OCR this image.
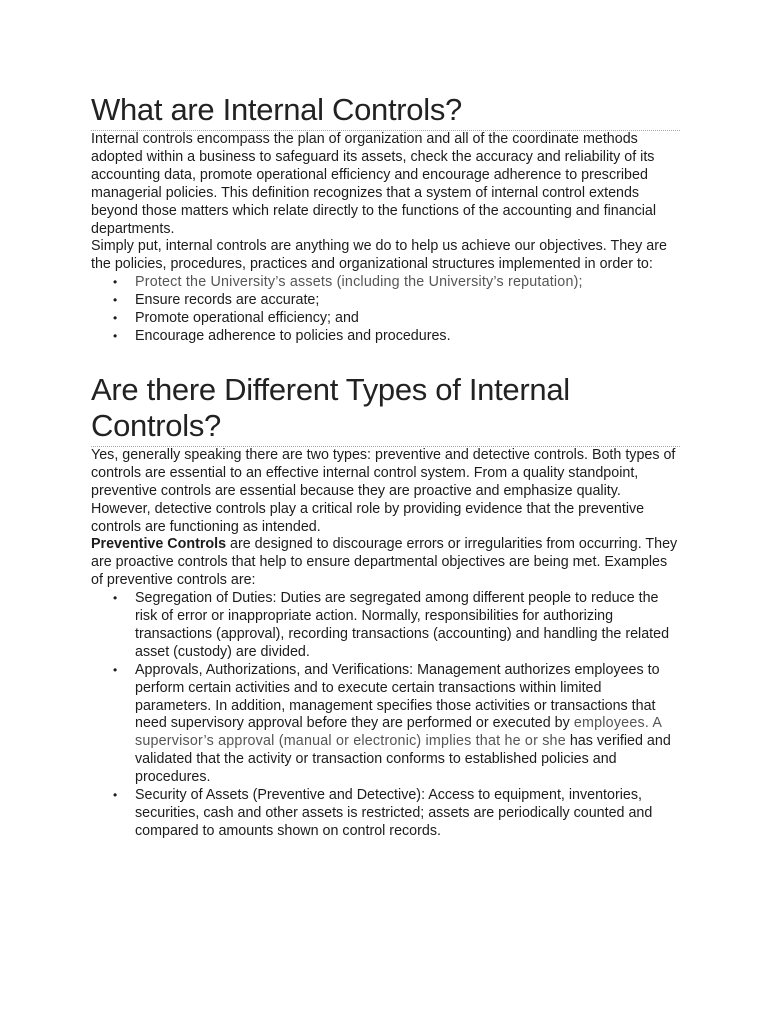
What are Internal Controls?

Internal controls encompass the plan of organization and all of the coordinate methods adopted within a business to safeguard its assets, check the accuracy and reliability of its accounting data, promote operational efficiency and encourage adherence to prescribed managerial policies. This definition recognizes that a system of internal control extends beyond those matters which relate directly to the functions of the accounting and financial departments.

Simply put, internal controls are anything we do to help us achieve our objectives. They are the policies, procedures, practices and organizational structures implemented in order to:

• Protect the University’s assets (including the University’s reputation);
• Ensure records are accurate;
• Promote operational efficiency; and
• Encourage adherence to policies and procedures.
Are there Different Types of Internal Controls?

Yes, generally speaking there are two types: preventive and detective controls. Both types of controls are essential to an effective internal control system. From a quality standpoint, preventive controls are essential because they are proactive and emphasize quality. However, detective controls play a critical role by providing evidence that the preventive controls are functioning as intended.

Preventive Controls are designed to discourage errors or irregularities from occurring. They are proactive controls that help to ensure departmental objectives are being met. Examples of preventive controls are:

• Segregation of Duties: Duties are segregated among different people to reduce the risk of error or inappropriate action. Normally, responsibilities for authorizing transactions (approval), recording transactions (accounting) and handling the related asset (custody) are divided.
• Approvals, Authorizations, and Verifications: Management authorizes employees to perform certain activities and to execute certain transactions within limited parameters. In addition, management specifies those activities or transactions that need supervisory approval before they are performed or executed by employees. A supervisor’s approval (manual or electronic) implies that he or she has verified and validated that the activity or transaction conforms to established policies and procedures.
• Security of Assets (Preventive and Detective): Access to equipment, inventories, securities, cash and other assets is restricted; assets are periodically counted and compared to amounts shown on control records.
